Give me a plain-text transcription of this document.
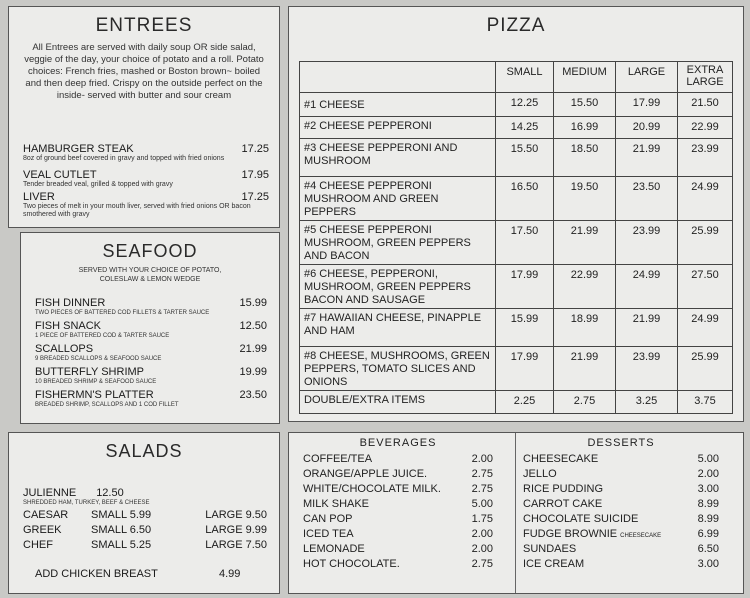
ENTREES
All Entrees are served with daily soup OR side salad, veggie of the day, your choice of potato and a roll. Potato choices: French fries, mashed or Boston brown~ boiled and then deep fried. Crispy on the outside perfect on the inside- served with butter and sour cream
HAMBURGER STEAK	17.25
8oz of ground beef covered in gravy and topped with fried onions
VEAL CUTLET	17.95
Tender breaded veal, grilled & topped with gravy
LIVER	17.25
Two pieces of melt in your mouth liver, served with fried onions OR bacon smothered with gravy
SEAFOOD
SERVED WITH YOUR CHOICE OF POTATO, COLESLAW & LEMON WEDGE
FISH DINNER	15.99
TWO PIECES OF BATTERED COD FILLETS & TARTER SAUCE
FISH SNACK	12.50
1 PIECE OF BATTERED COD & TARTER SAUCE
SCALLOPS	21.99
9 BREADED SCALLOPS & SEAFOOD SAUCE
BUTTERFLY SHRIMP	19.99
10 BREADED SHRIMP & SEAFOOD SAUCE
FISHERMN'S PLATTER	23.50
BREADED SHRIMP, SCALLOPS AND 1 COD FILLET
SALADS
JULIENNE 12.50
SHREDDED HAM, TURKEY, BEEF & CHEESE
CAESAR SMALL 5.99	LARGE 9.50
GREEK	SMALL 6.50	LARGE 9.99
CHEF	SMALL 5.25	LARGE 7.50
ADD CHICKEN BREAST	4.99
PIZZA
SMALL	MEDIUM	LARGE	EXTRA LARGE
#1 CHEESE	12.25	15.50	17.99	21.50
#2 CHEESE PEPPERONI	14.25	16.99	20.99	22.99
#3 CHEESE PEPPERONI AND MUSHROOM
15.50	18.50	21.99	23.99
#4 CHEESE PEPPERONI MUSHROOM AND GREEN PEPPERS
16.50	19.50	23.50	24.99
#5 CHEESE PEPPERONI MUSHROOM, GREEN PEPPERS AND BACON
17.50	21.99	23.99	25.99
#6 CHEESE, PEPPERONI, MUSHROOM, GREEN PEPPERS BACON AND SAUSAGE
17.99	22.99	24.99	27.50
#7 HAWAIIAN CHEESE, PINAPPLE AND HAM
15.99	18.99	21.99	24.99
#8 CHEESE, MUSHROOMS, GREEN PEPPERS, TOMATO SLICES AND ONIONS
17.99	21.99	23.99	25.99
DOUBLE/EXTRA ITEMS	2.25	2.75	3.25	3.75
BEVERAGES
COFFEE/TEA	2.00
ORANGE/APPLE JUICE.	2.75
WHITE/CHOCOLATE MILK.	2.75
MILK SHAKE	5.00
CAN POP	1.75
ICED TEA	2.00
LEMONADE	2.00
HOT CHOCOLATE.	2.75
DESSERTS
CHEESECAKE	5.00
JELLO	2.00
RICE PUDDING	3.00
CARROT CAKE	8.99
CHOCOLATE SUICIDE	8.99
FUDGE BROWNIE CHEESECAKE	6.99
SUNDAES	6.50
ICE CREAM	3.00
